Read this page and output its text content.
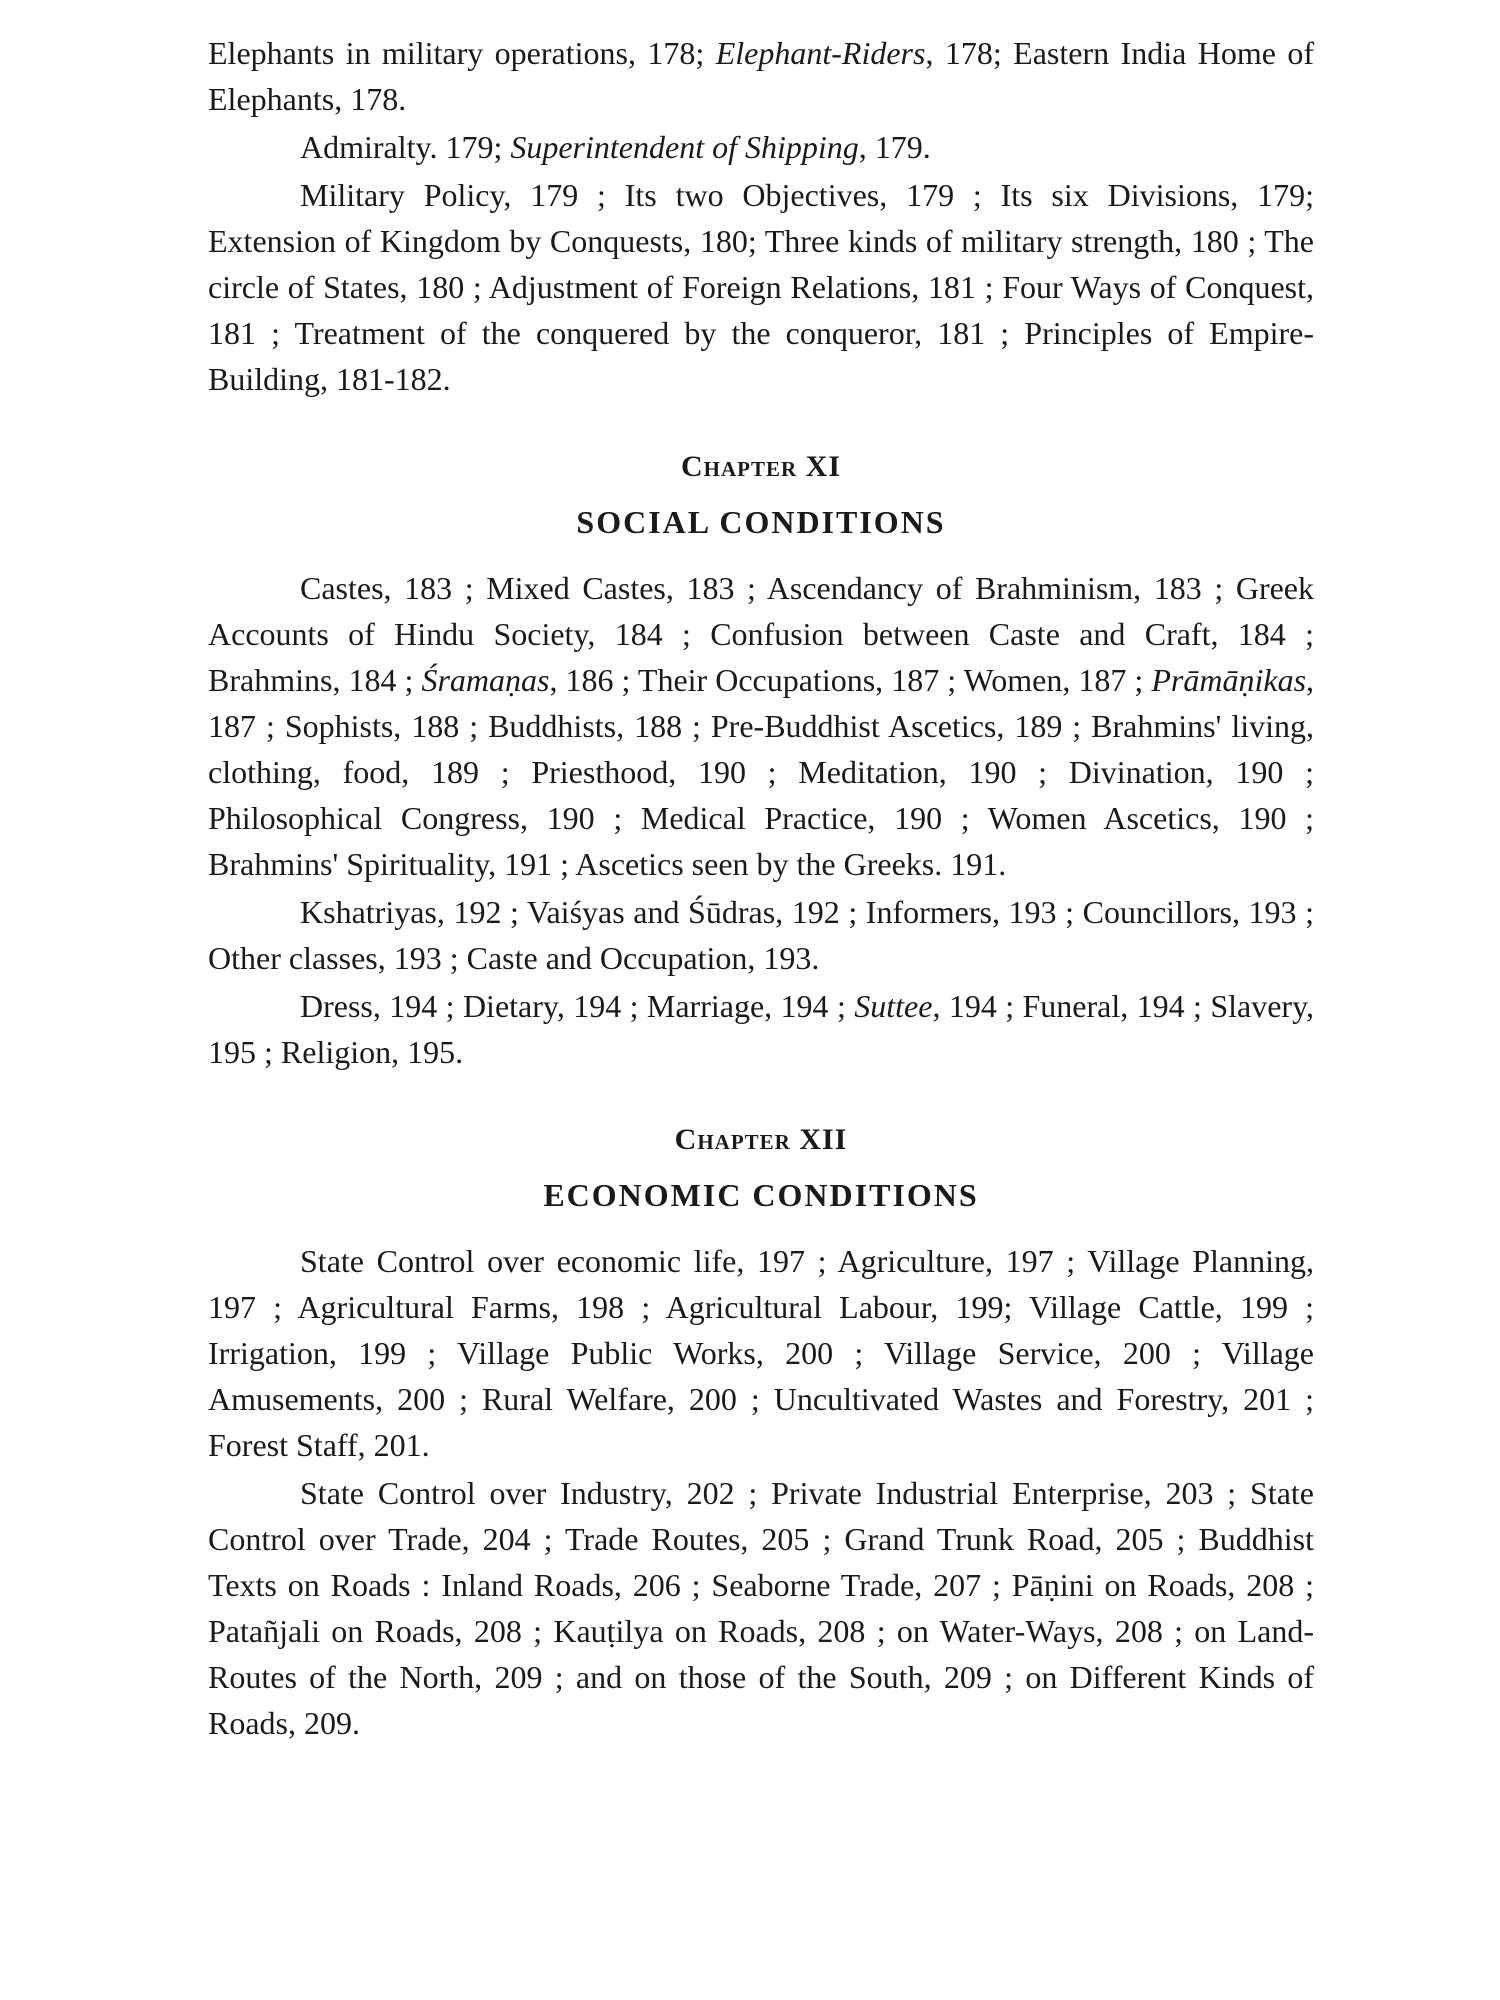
Elephants in military operations, 178; Elephant-Riders, 178; Eastern India Home of Elephants, 178.

Admiralty. 179; Superintendent of Shipping, 179.

Military Policy, 179 ; Its two Objectives, 179 ; Its six Divisions, 179; Extension of Kingdom by Conquests, 180; Three kinds of military strength, 180 ; The circle of States, 180 ; Adjustment of Foreign Relations, 181 ; Four Ways of Conquest, 181 ; Treatment of the conquered by the conqueror, 181 ; Principles of Empire-Building, 181-182.

Chapter XI
SOCIAL CONDITIONS

Castes, 183 ; Mixed Castes, 183 ; Ascendancy of Brahminism, 183 ; Greek Accounts of Hindu Society, 184 ; Confusion between Caste and Craft, 184 ; Brahmins, 184 ; Śramaṇas, 186 ; Their Occupations, 187 ; Women, 187 ; Prāmāṇikas, 187 ; Sophists, 188 ; Buddhists, 188 ; Pre-Buddhist Ascetics, 189 ; Brahmins' living, clothing, food, 189 ; Priesthood, 190 ; Meditation, 190 ; Divination, 190 ; Philosophical Congress, 190 ; Medical Practice, 190 ; Women Ascetics, 190 ; Brahmins' Spirituality, 191 ; Ascetics seen by the Greeks. 191.

Kshatriyas, 192 ; Vaiśyas and Śūdras, 192 ; Informers, 193 ; Councillors, 193 ; Other classes, 193 ; Caste and Occupation, 193.

Dress, 194 ; Dietary, 194 ; Marriage, 194 ; Suttee, 194 ; Funeral, 194 ; Slavery, 195 ; Religion, 195.

Chapter XII
ECONOMIC CONDITIONS

State Control over economic life, 197 ; Agriculture, 197 ; Village Planning, 197 ; Agricultural Farms, 198 ; Agricultural Labour, 199; Village Cattle, 199 ; Irrigation, 199 ; Village Public Works, 200 ; Village Service, 200 ; Village Amusements, 200 ; Rural Welfare, 200 ; Uncultivated Wastes and Forestry, 201 ; Forest Staff, 201.

State Control over Industry, 202 ; Private Industrial Enterprise, 203 ; State Control over Trade, 204 ; Trade Routes, 205 ; Grand Trunk Road, 205 ; Buddhist Texts on Roads : Inland Roads, 206 ; Seaborne Trade, 207 ; Pāṇini on Roads, 208 ; Patañjali on Roads, 208 ; Kauṭilya on Roads, 208 ; on Water-Ways, 208 ; on Land-Routes of the North, 209 ; and on those of the South, 209 ; on Different Kinds of Roads, 209.
